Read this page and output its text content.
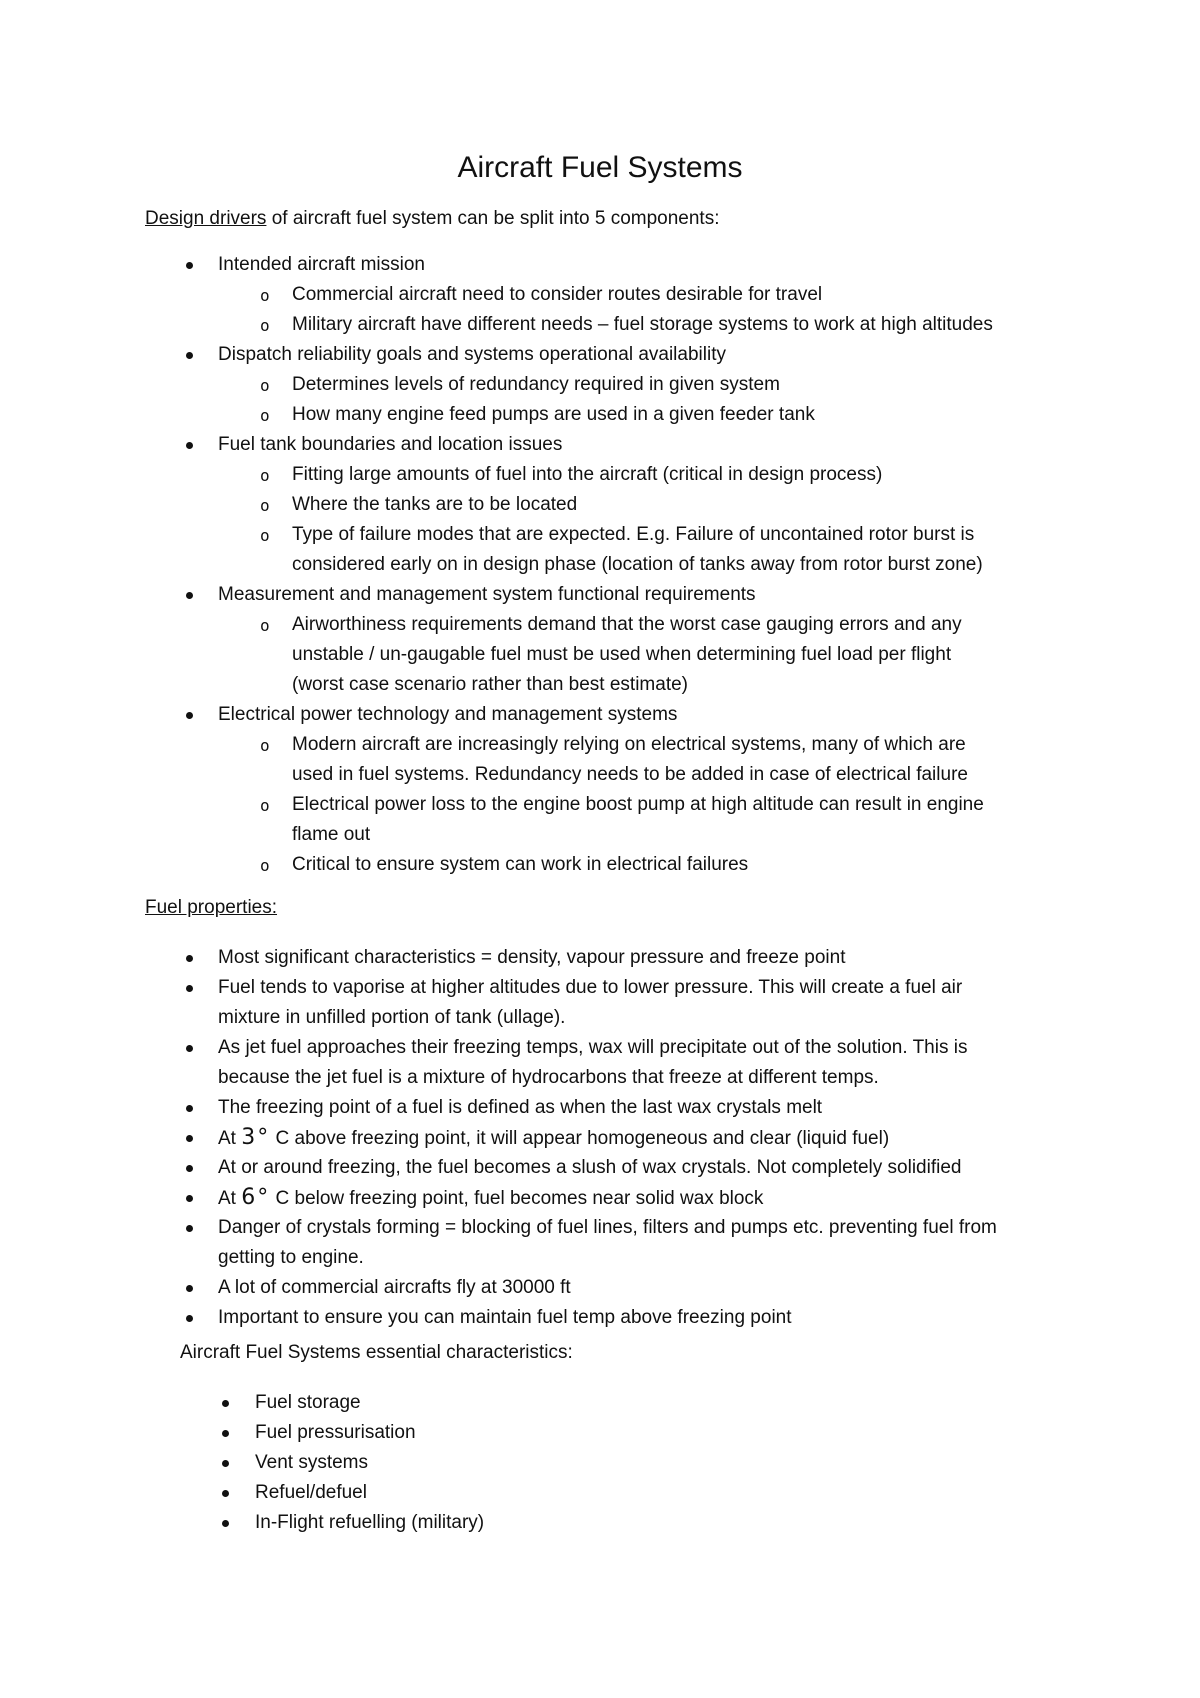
Aircraft Fuel Systems
Design drivers of aircraft fuel system can be split into 5 components:
Intended aircraft mission
o Commercial aircraft need to consider routes desirable for travel
o Military aircraft have different needs – fuel storage systems to work at high altitudes
Dispatch reliability goals and systems operational availability
o Determines levels of redundancy required in given system
o How many engine feed pumps are used in a given feeder tank
Fuel tank boundaries and location issues
o Fitting large amounts of fuel into the aircraft (critical in design process)
o Where the tanks are to be located
o Type of failure modes that are expected. E.g. Failure of uncontained rotor burst is
considered early on in design phase (location of tanks away from rotor burst zone)
Measurement and management system functional requirements
o Airworthiness requirements demand that the worst case gauging errors and any
unstable / un-gaugable fuel must be used when determining fuel load per flight
(worst case scenario rather than best estimate)
Electrical power technology and management systems
o Modern aircraft are increasingly relying on electrical systems, many of which are
used in fuel systems. Redundancy needs to be added in case of electrical failure
o Electrical power loss to the engine boost pump at high altitude can result in engine
flame out
o Critical to ensure system can work in electrical failures
Fuel properties:
Most significant characteristics = density, vapour pressure and freeze point
Fuel tends to vaporise at higher altitudes due to lower pressure. This will create a fuel air
mixture in unfilled portion of tank (ullage).
As jet fuel approaches their freezing temps, wax will precipitate out of the solution. This is
because the jet fuel is a mixture of hydrocarbons that freeze at different temps.
The freezing point of a fuel is defined as when the last wax crystals melt
At 3° C above freezing point, it will appear homogeneous and clear (liquid fuel)
At or around freezing, the fuel becomes a slush of wax crystals. Not completely solidified
At 6° C below freezing point, fuel becomes near solid wax block
Danger of crystals forming = blocking of fuel lines, filters and pumps etc. preventing fuel from
getting to engine.
A lot of commercial aircrafts fly at 30000 ft
Important to ensure you can maintain fuel temp above freezing point
Aircraft Fuel Systems essential characteristics:
Fuel storage
Fuel pressurisation
Vent systems
Refuel/defuel
In-Flight refuelling (military)
